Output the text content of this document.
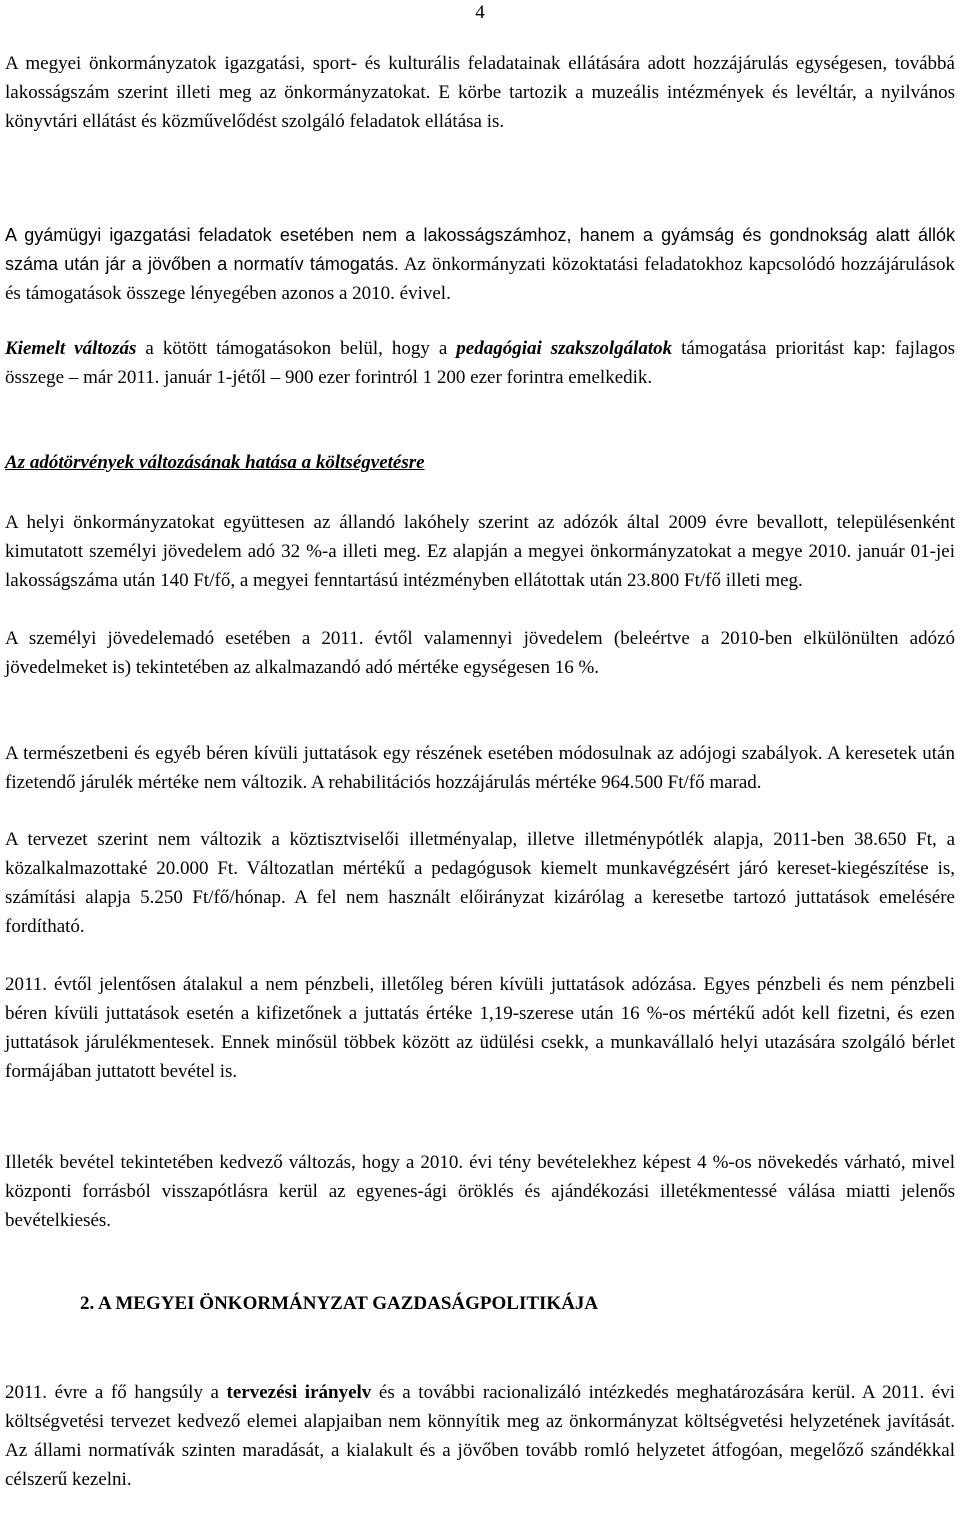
4

A megyei önkormányzatok igazgatási, sport- és kulturális feladatainak ellátására adott hozzájárulás egységesen, továbbá lakosságszám szerint illeti meg az önkormányzatokat. E körbe tartozik a muzeális intézmények és levéltár, a nyilvános könyvtári ellátást és közművelődést szolgáló feladatok ellátása is.

A gyámügyi igazgatási feladatok esetében nem a lakosságszámhoz, hanem a gyámság és gondnokság alatt állók száma után jár a jövőben a normatív támogatás. Az önkormányzati közoktatási feladatokhoz kapcsolódó hozzájárulások és támogatások összege lényegében azonos a 2010. évivel.

Kiemelt változás a kötött támogatásokon belül, hogy a pedagógiai szakszolgálatok támogatása prioritást kap: fajlagos összege – már 2011. január 1-jétől – 900 ezer forintról 1 200 ezer forintra emelkedik.

Az adótörvények változásának hatása a költségvetésre

A helyi önkormányzatokat együttesen az állandó lakóhely szerint az adózók által 2009 évre bevallott, településenként kimutatott személyi jövedelem adó 32 %-a illeti meg. Ez alapján a megyei önkormányzatokat a megye 2010. január 01-jei lakosságszáma után 140 Ft/fő, a megyei fenntartású intézményben ellátottak után 23.800 Ft/fő illeti meg.

A személyi jövedelemadó esetében a 2011. évtől valamennyi jövedelem (beleértve a 2010-ben elkülönülten adózó jövedelmeket is) tekintetében az alkalmazandó adó mértéke egységesen 16 %.

A természetbeni és egyéb béren kívüli juttatások egy részének esetében módosulnak az adójogi szabályok. A keresetek után fizetendő járulék mértéke nem változik. A rehabilitációs hozzájárulás mértéke 964.500 Ft/fő marad.

A tervezet szerint nem változik a köztisztviselői illetményalap, illetve illetménypótlék alapja, 2011-ben 38.650 Ft, a közalkalmazottaké 20.000 Ft. Változatlan mértékű a pedagógusok kiemelt munkavégzésért járó kereset-kiegészítése is, számítási alapja 5.250 Ft/fő/hónap. A fel nem használt előirányzat kizárólag a keresetbe tartozó juttatások emelésére fordítható.

2011. évtől jelentősen átalakul a nem pénzbeli, illetőleg béren kívüli juttatások adózása. Egyes pénzbeli és nem pénzbeli béren kívüli juttatások esetén a kifizetőnek a juttatás értéke 1,19-szerese után 16 %-os mértékű adót kell fizetni, és ezen juttatások járulékmentesek. Ennek minősül többek között az üdülési csekk, a munkavállaló helyi utazására szolgáló bérlet formájában juttatott bevétel is.

Illeték bevétel tekintetében kedvező változás, hogy a 2010. évi tény bevételekhez képest 4 %-os növekedés várható, mivel központi forrásból visszapótlásra kerül az egyenes-ági öröklés és ajándékozási illetékmentessé válása miatti jelenős bevételkiesés.

2. A MEGYEI ÖNKORMÁNYZAT GAZDASÁGPOLITIKÁJA

2011. évre a fő hangsúly a tervezési irányelv és a további racionalizáló intézkedés meghatározására kerül. A 2011. évi költségvetési tervezet kedvező elemei alapjaiban nem könnyítik meg az önkormányzat költségvetési helyzetének javítását. Az állami normatívák szinten maradását, a kialakult és a jövőben tovább romló helyzetet átfogóan, megelőző szándékkal célszerű kezelni.
